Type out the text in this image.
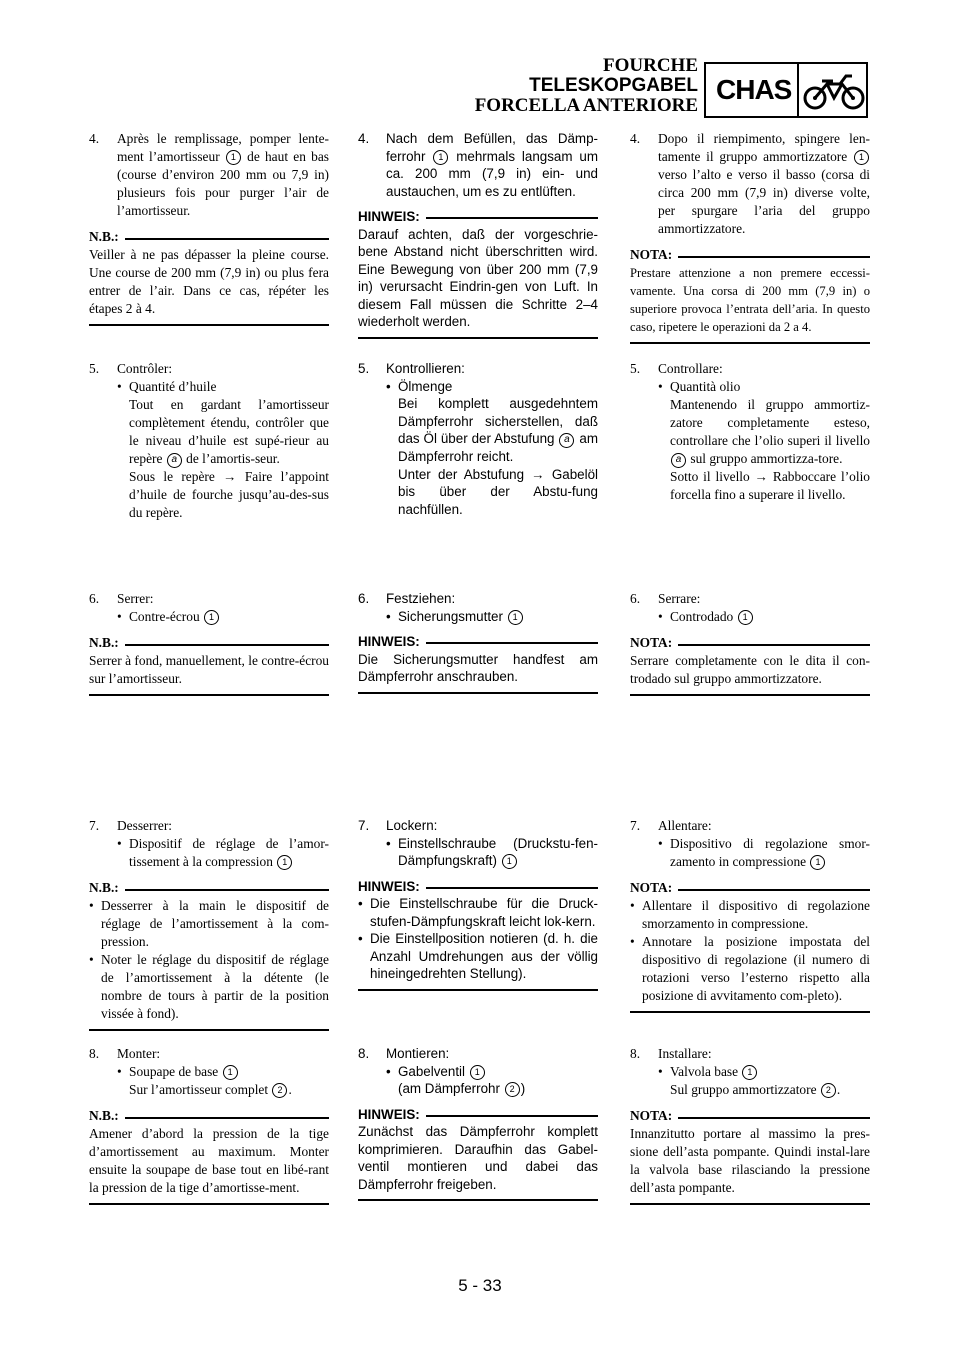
FOURCHE
TELESKOPGABEL
FORCELLA ANTERIORE
CHAS
4.	Après le remplissage, pomper lente-ment l’amortisseur 1 de haut en bas (course d’environ 200 mm ou 7,9 in) plusieurs fois pour purger l’air de l’amortisseur.
N.B.:
Veiller à ne pas dépasser la pleine course. Une course de 200 mm (7,9 in) ou plus fera entrer de l’air. Dans ce cas, répéter les étapes 2 à 4.
5.	Contrôler:
• Quantité d’huile
Tout en gardant l’amortisseur complètement étendu, contrôler que le niveau d’huile est supé-rieur au repère a de l’amortis-seur.
Sous le repère → Faire l’appoint d’huile de fourche jusqu’au-des-sus du repère.
6.	Serrer:
• Contre-écrou 1
N.B.:
Serrer à fond, manuellement, le contre-écrou sur l’amortisseur.
7.	Desserrer:
• Dispositif de réglage de l’amor-tissement à la compression 1
N.B.:
• Desserrer à la main le dispositif de réglage de l’amortissement à la com-pression.
• Noter le réglage du dispositif de réglage de l’amortissement à la détente (le nombre de tours à partir de la position vissée à fond).
8.	Monter:
• Soupape de base 1
Sur l’amortisseur complet 2 .
N.B.:
Amener d’abord la pression de la tige d’amortissement au maximum. Monter ensuite la soupape de base tout en libé-rant la pression de la tige d’amortisse-ment.
4.	Nach dem Befüllen, das Dämp-ferrohr 1 mehrmals langsam um ca. 200 mm (7,9 in) ein- und austauchen, um es zu entlüften.
HINWEIS:
Darauf achten, daß der vorgeschrie-bene Abstand nicht überschritten wird. Eine Bewegung von über 200 mm (7,9 in) verursacht Eindrin-gen von Luft. In diesem Fall müssen die Schritte 2–4 wiederholt werden.
5.	Kontrollieren:
• Ölmenge
Bei komplett ausgedehntem Dämpferrohr sicherstellen, daß das Öl über der Abstufung a am Dämpferrohr reicht.
Unter der Abstufung → Gabelöl bis über der Abstu-fung nachfüllen.
6.	Festziehen:
• Sicherungsmutter 1
HINWEIS:
Die Sicherungsmutter handfest am Dämpferrohr anschrauben.
7.	Lockern:
• Einstellschraube (Druckstu-fen-Dämpfungskraft) 1
HINWEIS:
• Die Einstellschraube für die Druck-stufen-Dämpfungskraft leicht lok-kern.
• Die Einstellposition notieren (d. h. die Anzahl Umdrehungen aus der völlig hineingedrehten Stellung).
8.	Montieren:
• Gabelventil 1
(am Dämpferrohr 2 )
HINWEIS:
Zunächst das Dämpferrohr komplett komprimieren. Daraufhin das Gabel-ventil montieren und dabei das Dämpferrohr freigeben.
4.	Dopo il riempimento, spingere len-tamente il gruppo ammortizzatore 1 verso l’alto e verso il basso (corsa di circa 200 mm (7,9 in) diverse volte, per spurgare l’aria del gruppo ammortizzatore.
NOTA:
Prestare attenzione a non premere eccessi-vamente. Una corsa di 200 mm (7,9 in) o superiore provoca l’entrata dell’aria. In questo caso, ripetere le operazioni da 2 a 4.
5.	Controllare:
• Quantità olio
Mantenendo il gruppo ammortiz-zatore completamente esteso, controllare che l’olio superi il livello a sul gruppo ammortizza-tore.
Sotto il livello → Rabboccare l’olio forcella fino a superare il livello.
6.	Serrare:
• Controdado 1
NOTA:
Serrare completamente con le dita il con-trodado sul gruppo ammortizzatore.
7.	Allentare:
• Dispositivo di regolazione smor-zamento in compressione 1
NOTA:
• Allentare il dispositivo di regolazione smorzamento in compressione.
• Annotare la posizione impostata del dispositivo di regolazione (il numero di rotazioni verso l’esterno rispetto alla posizione di avvitamento com-pleto).
8.	Installare:
• Valvola base 1
Sul gruppo ammortizzatore 2 .
NOTA:
Innanzitutto portare al massimo la pres-sione dell’asta pompante. Quindi instal-lare la valvola base rilasciando la pressione dell’asta pompante.
5 - 33
